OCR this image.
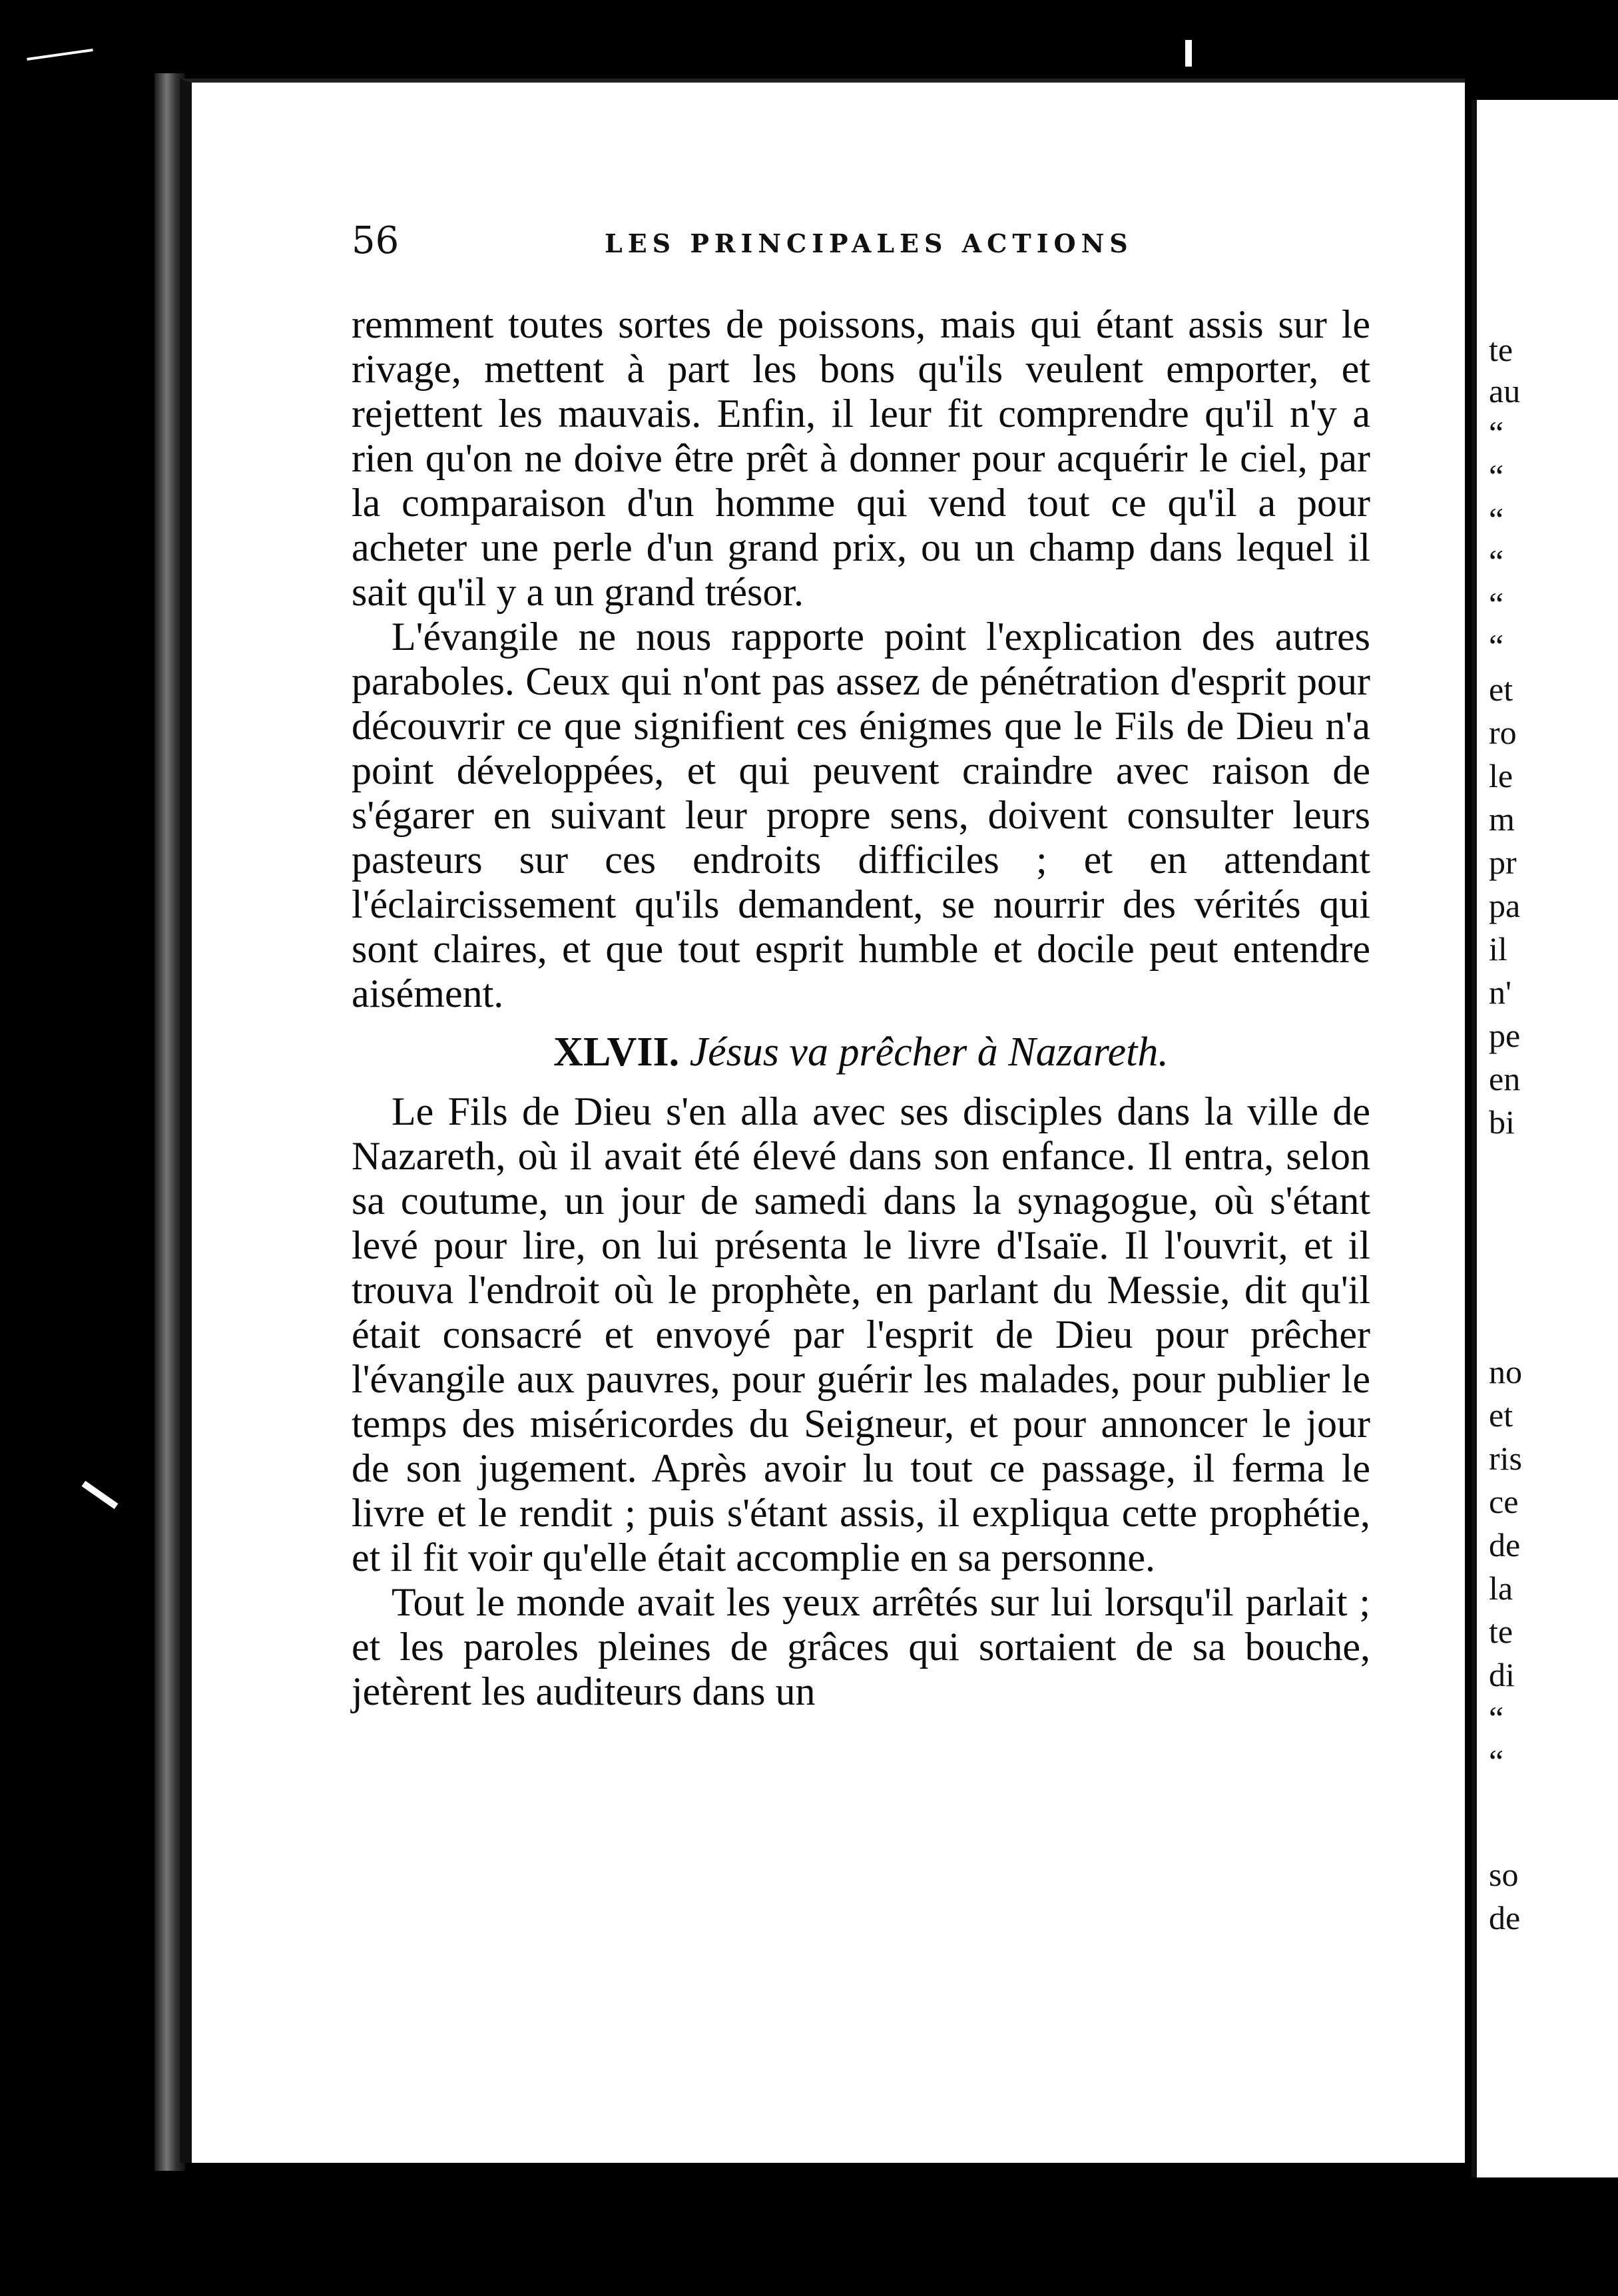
56	LES PRINCIPALES ACTIONS

remment toutes sortes de poissons, mais qui étant assis sur le rivage, mettent à part les bons qu'ils veulent emporter, et rejettent les mauvais. Enfin, il leur fit comprendre qu'il n'y a rien qu'on ne doive être prêt à donner pour acquérir le ciel, par la comparaison d'un homme qui vend tout ce qu'il a pour acheter une perle d'un grand prix, ou un champ dans lequel il sait qu'il y a un grand trésor.

L'évangile ne nous rapporte point l'explication des autres paraboles. Ceux qui n'ont pas assez de pénétration d'esprit pour découvrir ce que signifient ces énigmes que le Fils de Dieu n'a point développées, et qui peuvent craindre avec raison de s'égarer en suivant leur propre sens, doivent consulter leurs pasteurs sur ces endroits difficiles ; et en attendant l'éclaircissement qu'ils demandent, se nourrir des vérités qui sont claires, et que tout esprit humble et docile peut entendre aisément.

XLVII. Jésus va prêcher à Nazareth.

Le Fils de Dieu s'en alla avec ses disciples dans la ville de Nazareth, où il avait été élevé dans son enfance. Il entra, selon sa coutume, un jour de samedi dans la synagogue, où s'étant levé pour lire, on lui présenta le livre d'Isaïe. Il l'ouvrit, et il trouva l'endroit où le prophète, en parlant du Messie, dit qu'il était consacré et envoyé par l'esprit de Dieu pour prêcher l'évangile aux pauvres, pour guérir les malades, pour publier le temps des miséricordes du Seigneur, et pour annoncer le jour de son jugement. Après avoir lu tout ce passage, il ferma le livre et le rendit ; puis s'étant assis, il expliqua cette prophétie, et il fit voir qu'elle était accomplie en sa personne.

Tout le monde avait les yeux arrêtés sur lui lorsqu'il parlait ; et les paroles pleines de grâces qui sortaient de sa bouche, jetèrent les auditeurs dans un

te
au
“
“
“
“
“
“
et
ro
le
m
pr
pa
il
n'
pe
en
bi
no
et
ris
ce
de
la
te
di
“
“
so
de
